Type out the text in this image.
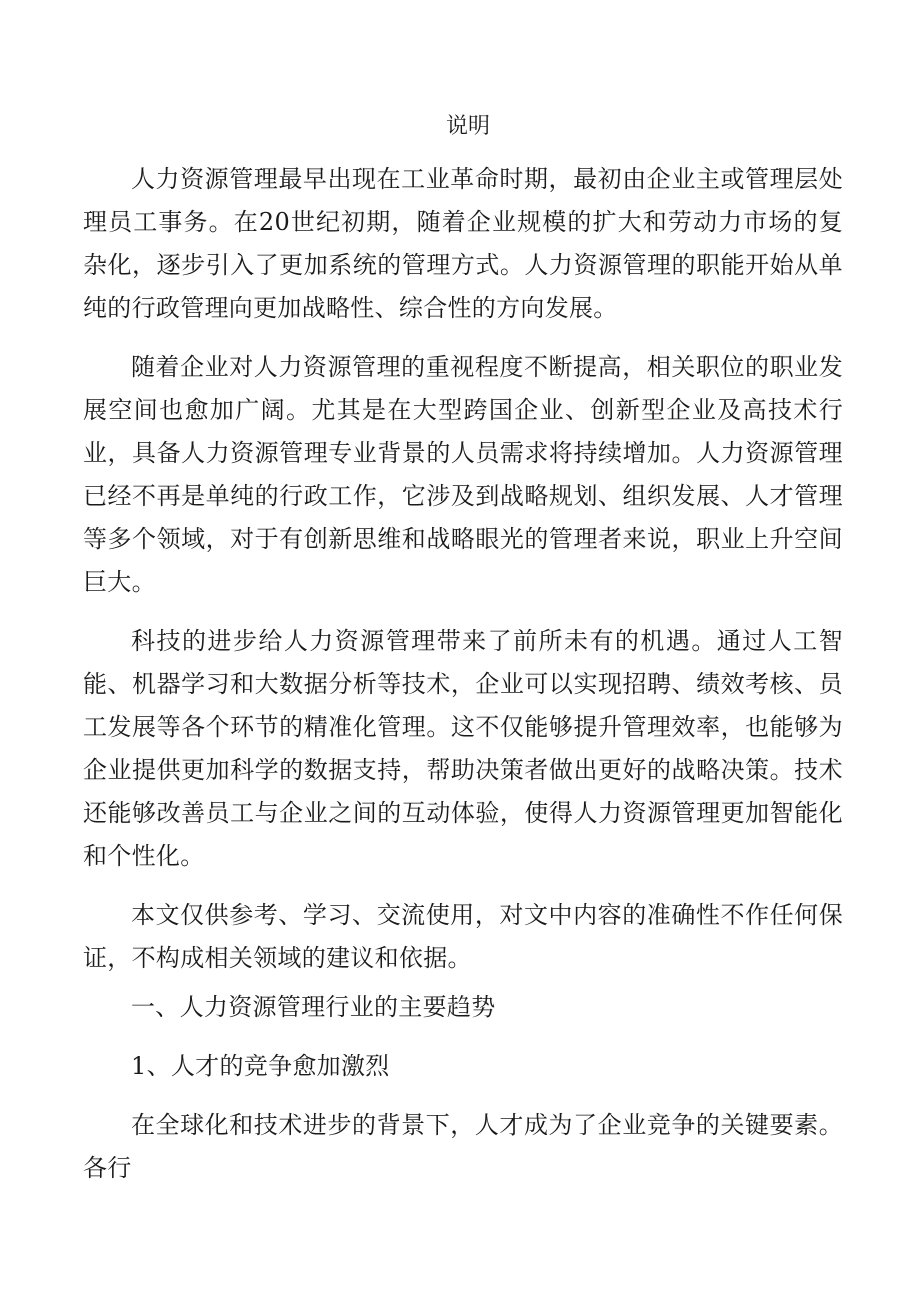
说明

人力资源管理最早出现在工业革命时期，最初由企业主或管理层处理员工事务。在20世纪初期，随着企业规模的扩大和劳动力市场的复杂化，逐步引入了更加系统的管理方式。人力资源管理的职能开始从单纯的行政管理向更加战略性、综合性的方向发展。

随着企业对人力资源管理的重视程度不断提高，相关职位的职业发展空间也愈加广阔。尤其是在大型跨国企业、创新型企业及高技术行业，具备人力资源管理专业背景的人员需求将持续增加。人力资源管理已经不再是单纯的行政工作，它涉及到战略规划、组织发展、人才管理等多个领域，对于有创新思维和战略眼光的管理者来说，职业上升空间巨大。

科技的进步给人力资源管理带来了前所未有的机遇。通过人工智能、机器学习和大数据分析等技术，企业可以实现招聘、绩效考核、员工发展等各个环节的精准化管理。这不仅能够提升管理效率，也能够为企业提供更加科学的数据支持，帮助决策者做出更好的战略决策。技术还能够改善员工与企业之间的互动体验，使得人力资源管理更加智能化和个性化。

本文仅供参考、学习、交流使用，对文中内容的准确性不作任何保证，不构成相关领域的建议和依据。

一、人力资源管理行业的主要趋势

1、人才的竞争愈加激烈

在全球化和技术进步的背景下，人才成为了企业竞争的关键要素。各行
